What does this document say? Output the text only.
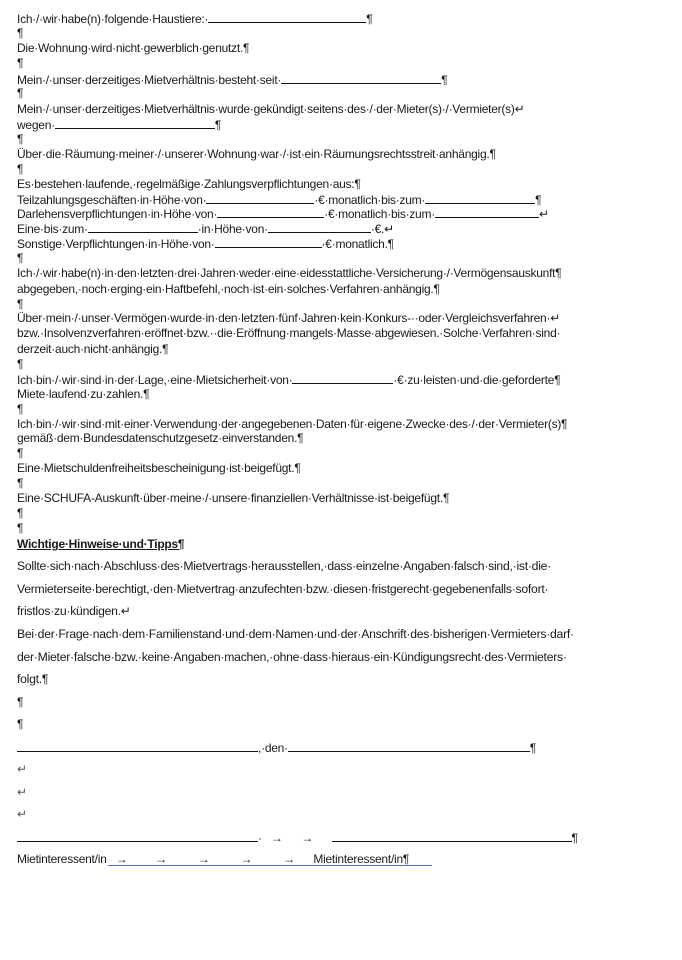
Ich·/·wir·habe(n)·folgende·Haustiere:·	¶
¶
Die·Wohnung·wird·nicht·gewerblich·genutzt.¶
¶
Mein·/·unser·derzeitiges·Mietverhältnis·besteht·seit·	¶
¶
Mein·/·unser·derzeitiges·Mietverhältnis·wurde·gekündigt·seitens·des·/·der·Mieter(s)·/·Vermieter(s)↵
wegen·	¶
¶
Über·die·Räumung·meiner·/·unserer·Wohnung·war·/·ist·ein·Räumungsrechtsstreit·anhängig.¶
¶
Es·bestehen·laufende,·regelmäßige·Zahlungsverpflichtungen·aus:¶
Teilzahlungsgeschäften·in·Höhe·von·	·€·monatlich·bis·zum·	¶
Darlehensverpflichtungen·in·Höhe·von·	·€·monatlich·bis·zum·	↵
Eine·bis·zum·	·in·Höhe·von·	·€.↵
Sonstige·Verpflichtungen·in·Höhe·von·	·€·monatlich.¶
¶
Ich·/·wir·habe(n)·in·den·letzten·drei·Jahren·weder·eine·eidesstattliche·Versicherung·/·Vermögensauskunft¶
abgegeben,·noch·erging·ein·Haftbefehl,·noch·ist·ein·solches·Verfahren·anhängig.¶
¶
Über·mein·/·unser·Vermögen·wurde·in·den·letzten·fünf·Jahren·kein·Konkurs-··oder·Vergleichsverfahren·↵
bzw.·Insolvenzverfahren·eröffnet·bzw.··die·Eröffnung·mangels·Masse·abgewiesen.·Solche·Verfahren·sind·
derzeit·auch·nicht·anhängig.¶
¶
Ich·bin·/·wir·sind·in·der·Lage,·eine·Mietsicherheit·von·	·€·zu·leisten·und·die·geforderte¶
Miete·laufend·zu·zahlen.¶
¶
Ich·bin·/·wir·sind·mit·einer·Verwendung·der·angegebenen·Daten·für·eigene·Zwecke·des·/·der·Vermieter(s)¶
gemäß·dem·Bundesdatenschutzgesetz·einverstanden.¶
¶
Eine·Mietschuldenfreiheitsbescheinigung·ist·beigefügt.¶
¶
Eine·SCHUFA-Auskunft·über·meine·/·unsere·finanziellen·Verhältnisse·ist·beigefügt.¶
¶
¶
Wichtige·Hinweise·und·Tipps¶
Sollte·sich·nach·Abschluss·des·Mietvertrags·herausstellen,·dass·einzelne·Angaben·falsch·sind,·ist·die·
Vermieterseite·berechtigt,·den·Mietvertrag·anzufechten·bzw.·diesen·fristgerecht·gegebenenfalls·sofort·
fristlos·zu·kündigen.↵
Bei·der·Frage·nach·dem·Familienstand·und·dem·Namen·und·der·Anschrift·des·bisherigen·Vermieters·darf·
der·Mieter·falsche·bzw.·keine·Angaben·machen,·ohne·dass·hieraus·ein·Kündigungsrecht·des·Vermieters·
folgt.¶
¶
¶
,·den·	¶
↵
↵
↵
·   →      →	¶
Mietinteressent/in   →         →          →          →          →      Mietinteressent/in¶
